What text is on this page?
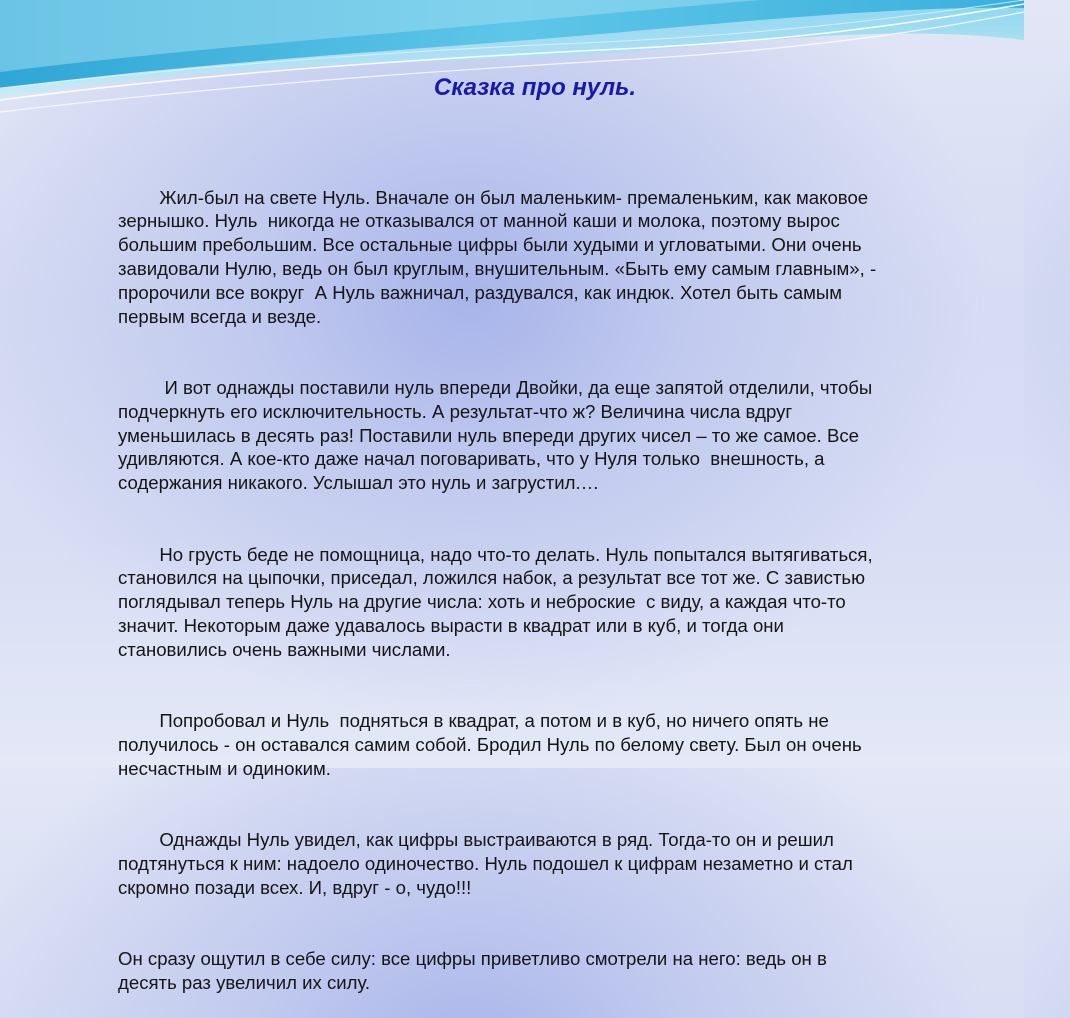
Сказка про нуль.

Жил-был на свете Нуль. Вначале он был маленьким- премаленьким, как маковое
зернышко. Нуль  никогда не отказывался от манной каши и молока, поэтому вырос
большим пребольшим. Все остальные цифры были худыми и угловатыми. Они очень
завидовали Нулю, ведь он был круглым, внушительным. «Быть ему самым главным», -
пророчили все вокруг  А Нуль важничал, раздувался, как индюк. Хотел быть самым
первым всегда и везде.

И вот однажды поставили нуль впереди Двойки, да еще запятой отделили, чтобы
подчеркнуть его исключительность. А результат-что ж? Величина числа вдруг
уменьшилась в десять раз! Поставили нуль впереди других чисел – то же самое. Все
удивляются. А кое-кто даже начал поговаривать, что у Нуля только  внешность, а
содержания никакого. Услышал это нуль и загрустил.…

Но грусть беде не помощница, надо что-то делать. Нуль попытался вытягиваться,
становился на цыпочки, приседал, ложился набок, а результат все тот же. С завистью
поглядывал теперь Нуль на другие числа: хоть и неброские  с виду, а каждая что-то
значит. Некоторым даже удавалось вырасти в квадрат или в куб, и тогда они
становились очень важными числами.

Попробовал и Нуль  подняться в квадрат, а потом и в куб, но ничего опять не
получилось - он оставался самим собой. Бродил Нуль по белому свету. Был он очень
несчастным и одиноким.

Однажды Нуль увидел, как цифры выстраиваются в ряд. Тогда-то он и решил
подтянуться к ним: надоело одиночество. Нуль подошел к цифрам незаметно и стал
скромно позади всех. И, вдруг - о, чудо!!!

Он сразу ощутил в себе силу: все цифры приветливо смотрели на него: ведь он в
десять раз увеличил их силу.
